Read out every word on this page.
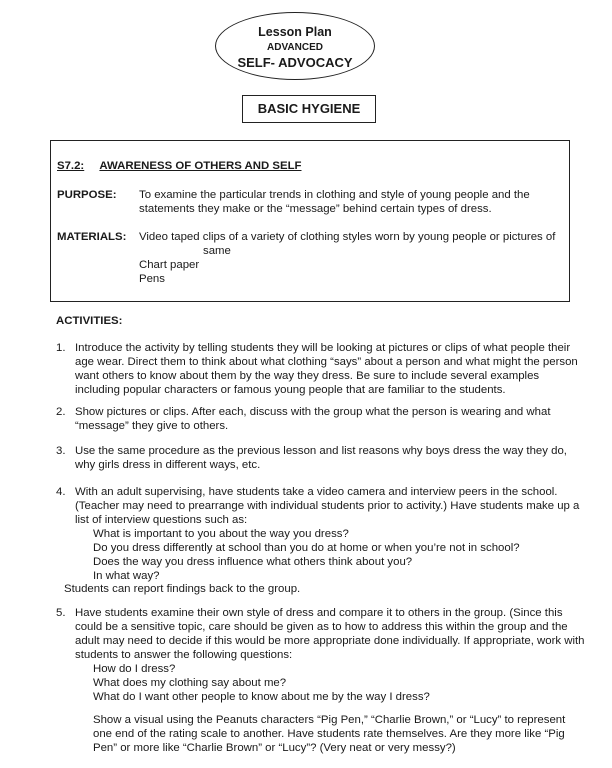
Lesson Plan
ADVANCED
SELF- ADVOCACY
BASIC HYGIENE
S7.2: AWARENESS OF OTHERS AND SELF
PURPOSE: To examine the particular trends in clothing and style of young people and the
statements they make or the “message” behind certain types of dress.
MATERIALS: Video taped clips of a variety of clothing styles worn by young people or pictures of
same
Chart paper
Pens
ACTIVITIES:
1. Introduce the activity by telling students they will be looking at pictures or clips of what people their
age wear. Direct them to think about what clothing “says” about a person and what might the person
want others to know about them by the way they dress. Be sure to include several examples
including popular characters or famous young people that are familiar to the students.
2. Show pictures or clips. After each, discuss with the group what the person is wearing and what
“message” they give to others.
3. Use the same procedure as the previous lesson and list reasons why boys dress the way they do,
why girls dress in different ways, etc.
4. With an adult supervising, have students take a video camera and interview peers in the school.
(Teacher may need to prearrange with individual students prior to activity.) Have students make up a
list of interview questions such as:
What is important to you about the way you dress?
Do you dress differently at school than you do at home or when you’re not in school?
Does the way you dress influence what others think about you?
In what way?
Students can report findings back to the group.
5. Have students examine their own style of dress and compare it to others in the group. (Since this
could be a sensitive topic, care should be given as to how to address this within the group and the
adult may need to decide if this would be more appropriate done individually. If appropriate, work with
students to answer the following questions:
How do I dress?
What does my clothing say about me?
What do I want other people to know about me by the way I dress?
Show a visual using the Peanuts characters “Pig Pen,” “Charlie Brown,” or “Lucy” to represent
one end of the rating scale to another. Have students rate themselves. Are they more like “Pig
Pen” or more like “Charlie Brown” or “Lucy”? (Very neat or very messy?)
